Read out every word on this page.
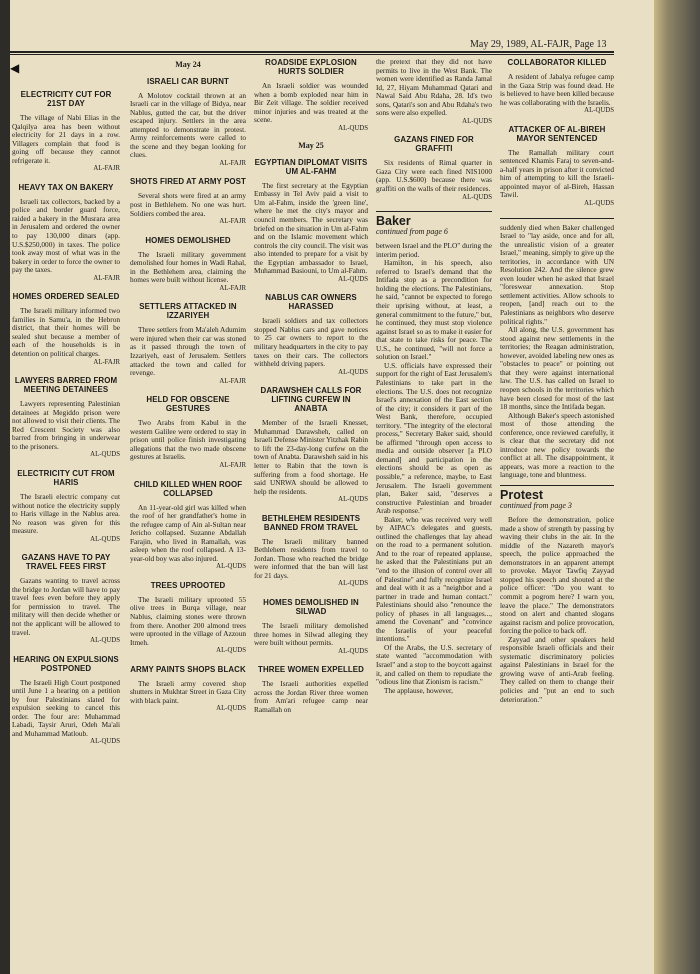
May 29, 1989, AL-FAJR, Page 13
◀
ELECTRICITY CUT FOR 21ST DAY

The village of Nabi Elias in the Qalqilya area has been without electricity for 21 days in a row. Villagers complain that food is going off because they cannot refrigerate it.

AL-FAJR
HEAVY TAX ON BAKERY

Israeli tax collectors, backed by a police and border guard force, raided a bakery in the Musrara area in Jerusalem and ordered the owner to pay 130,000 dinars (app. U.S.$250,000) in taxes. The police took away most of what was in the bakery in order to force the owner to pay the taxes.

AL-FAJR
HOMES ORDERED SEALED

The Israeli military informed two families in Samu'a, in the Hebron district, that their homes will be sealed shut because a member of each of the households is in detention on political charges.

AL-FAJR
LAWYERS BARRED FROM MEETING DETAINEES

Lawyers representing Palestinian detainees at Megiddo prison were not allowed to visit their clients. The Red Crescent Society was also barred from bringing in underwear to the prisoners.

AL-QUDS
ELECTRICITY CUT FROM HARIS

The Israeli electric company cut without notice the electricity supply to Haris village in the Nablus area. No reason was given for this measure.

AL-QUDS
GAZANS HAVE TO PAY TRAVEL FEES FIRST

Gazans wanting to travel across the bridge to Jordan will have to pay travel fees even before they apply for permission to travel. The military will then decide whether or not the applicant will be allowed to travel.

AL-QUDS
HEARING ON EXPULSIONS POSTPONED

The Israeli High Court postponed until June 1 a hearing on a petition by four Palestinians slated for expulsion seeking to cancel this order. The four are: Muhammad Labadi, Taysir Aruri, Odeh Ma'ali and Muhammad Matloub.

AL-QUDS
May 24
ISRAELI CAR BURNT

A Molotov cocktail thrown at an Israeli car in the village of Bidya, near Nablus, gutted the car, but the driver escaped injury. Settlers in the area attempted to demonstrate in protest. Army reinforcements were called to the scene and they began looking for clues.

AL-FAJR
SHOTS FIRED AT ARMY POST

Several shots were fired at an army post in Bethlehem. No one was hurt. Soldiers combed the area.

AL-FAJR
HOMES DEMOLISHED

The Israeli military government demolished four homes in Wadi Rahal, in the Bethlehem area, claiming the homes were built without license.

AL-FAJR
SETTLERS ATTACKED IN IZZARIYEH

Three settlers from Ma'aleh Adumim were injured when their car was stoned as it passed through the town of Izzariyeh, east of Jerusalem. Settlers attacked the town and called for revenge.

AL-FAJR
HELD FOR OBSCENE GESTURES

Two Arabs from Kabul in the western Galilee were ordered to stay in prison until police finish investigating allegations that the two made obscene gestures at Israelis.

AL-FAJR
CHILD KILLED WHEN ROOF COLLAPSED

An 11-year-old girl was killed when the roof of her grandfather's home in the refugee camp of Ain al-Sultan near Jericho collapsed. Suzanne Abdallah Farajin, who lived in Ramallah, was asleep when the roof collapsed. A 13-year-old boy was also injured.

AL-QUDS
TREES UPROOTED

The Israeli military uprooted 55 olive trees in Burqa village, near Nablus, claiming stones were thrown from there. Another 200 almond trees were uprooted in the village of Azzoun Itmeh.

AL-QUDS
ARMY PAINTS SHOPS BLACK

The Israeli army covered shop shutters in Mukhtar Street in Gaza City with black paint.

AL-QUDS
ROADSIDE EXPLOSION HURTS SOLDIER

An Israeli soldier was wounded when a bomb exploded near him in Bir Zeit village. The soldier received minor injuries and was treated at the scene.

AL-QUDS
May 25
EGYPTIAN DIPLOMAT VISITS UM AL-FAHM

The first secretary at the Egyptian Embassy in Tel Aviv paid a visit to Um al-Fahm, inside the 'green line', where he met the city's mayor and council members. The secretary was briefed on the situation in Um al-Fahm and on the Islamic movement which controls the city council. The visit was also intended to prepare for a visit by the Egyptian ambassador to Israel, Muhammad Basiouni, to Um al-Fahm.

AL-QUDS
NABLUS CAR OWNERS HARASSED

Israeli soldiers and tax collectors stopped Nablus cars and gave notices to 25 car owners to report to the military headquarters in the city to pay taxes on their cars. The collectors withheld driving papers.

AL-QUDS
DARAWSHEH CALLS FOR LIFTING CURFEW IN ANABTA

Member of the Israeli Knesset, Muhammad Darawsheh, called on Israeli Defense Minister Yitzhak Rabin to lift the 23-day-long curfew on the town of Anabta. Darawsheh said in his letter to Rabin that the town is suffering from a food shortage. He said UNRWA should be allowed to help the residents.

AL-QUDS
BETHLEHEM RESIDENTS BANNED FROM TRAVEL

The Israeli military banned Bethlehem residents from travel to Jordan. Those who reached the bridge were informed that the ban will last for 21 days.

AL-QUDS
HOMES DEMOLISHED IN SILWAD

The Israeli military demolished three homes in Silwad alleging they were built without permits.

AL-QUDS
THREE WOMEN EXPELLED

The Israeli authorities expelled across the Jordan River three women from Am'ari refugee camp near Ramallah on

the pretext that they did not have permits to live in the West Bank. The women were identified as Randa Jamal Id, 27, Hiyam Muhammad Qatari and Nawal Said Abu Rdaha, 28. Id's two sons, Qatari's son and Abu Rdaha's two sons were also expelled.

AL-QUDS
GAZANS FINED FOR GRAFFITI

Six residents of Rimal quarter in Gaza City were each fined NIS1000 (app. U.S.$600) because there was graffiti on the walls of their residences.

AL-QUDS
Baker
continued from page 6

between Israel and the PLO" during the interim period.

Hamilton, in his speech, also referred to Israel's demand that the Intifada stop as a precondition for holding the elections. The Palestinians, he said, "cannot be expected to forego their uprising without, at least, a general commitment to the future," but, he continued, they must stop violence against Israel so as to make it easier for that state to take risks for peace. The U.S., he continued, "will not force a solution on Israel."

U.S. officials have expressed their support for the right of East Jerusalem's Palestinians to take part in the elections. The U.S. does not recognize Israel's annexation of the East section of the city; it considers it part of the West Bank, therefore, occupied territory. "The integrity of the electoral process," Secretary Baker said, should be affirmed "through open access to media and outside observer [a PLO demand] and participation in the elections should be as open as possible," a reference, maybe, to East Jerusalem. The Israeli government plan, Baker said, "deserves a constructive Palestinian and broader Arab response."

Baker, who was received very well by AIPAC's delegates and guests, outlined the challenges that lay ahead on the road to a permanent solution. And to the roar of repeated applause, he asked that the Palestinians put an "end to the illusion of control over all of Palestine" and fully recognize Israel and deal with it as a "neighbor and a partner in trade and human contact." Palestinians should also "renounce the policy of phases in all languages..., amend the Covenant" and "convince the Israelis of your peaceful intentions."

Of the Arabs, the U.S. secretary of state wanted "accommodation with Israel" and a stop to the boycott against it, and called on them to repudiate the "odious line that Zionism is racism."

The applause, however,

COLLABORATOR KILLED

A resident of Jabalya refugee camp in the Gaza Strip was found dead. He is believed to have been killed because he was collaborating with the Israelis.

AL-QUDS
ATTACKER OF AL-BIREH MAYOR SENTENCED

The Ramallah military court sentenced Khamis Faraj to seven-and-a-half years in prison after it convicted him of attempting to kill the Israeli-appointed mayor of al-Bireh, Hassan Tawil.

AL-QUDS

suddenly died when Baker challenged Israel to "lay aside, once and for all, the unrealistic vision of a greater Israel," meaning, simply to give up the territories, in accordance with UN Resolution 242. And the silence grew even louder when he asked that Israel "foreswear annexation. Stop settlement activities. Allow schools to reopen, [and] reach out to the Palestinians as neighbors who deserve political rights."

All along, the U.S. government has stood against new settlements in the territories; the Reagan administration, however, avoided labeling new ones as "obstacles to peace" or pointing out that they were against international law. The U.S. has called on Israel to reopen schools in the territories which have been closed for most of the last 18 months, since the Intifada began.

Although Baker's speech astonished most of those attending the conference, once reviewed carefully, it is clear that the secretary did not introduce new policy towards the conflict at all. The disappointment, it appears, was more a reaction to the language, tone and bluntness.

Protest
continued from page 3

Before the demonstration, police made a show of strength by passing by waving their clubs in the air. In the middle of the Nazareth mayor's speech, the police approached the demonstrators in an apparent attempt to provoke. Mayor Tawfiq Zayyad stopped his speech and shouted at the police officer: "Do you want to commit a pogrom here? I warn you, leave the place." The demonstrators stood on alert and chanted slogans against racism and police provocation, forcing the police to back off.

Zayyad and other speakers held responsible Israeli officials and their systematic discriminatory policies against Palestinians in Israel for the growing wave of anti-Arab feeling. They called on them to change their policies and "put an end to such deterioration."
